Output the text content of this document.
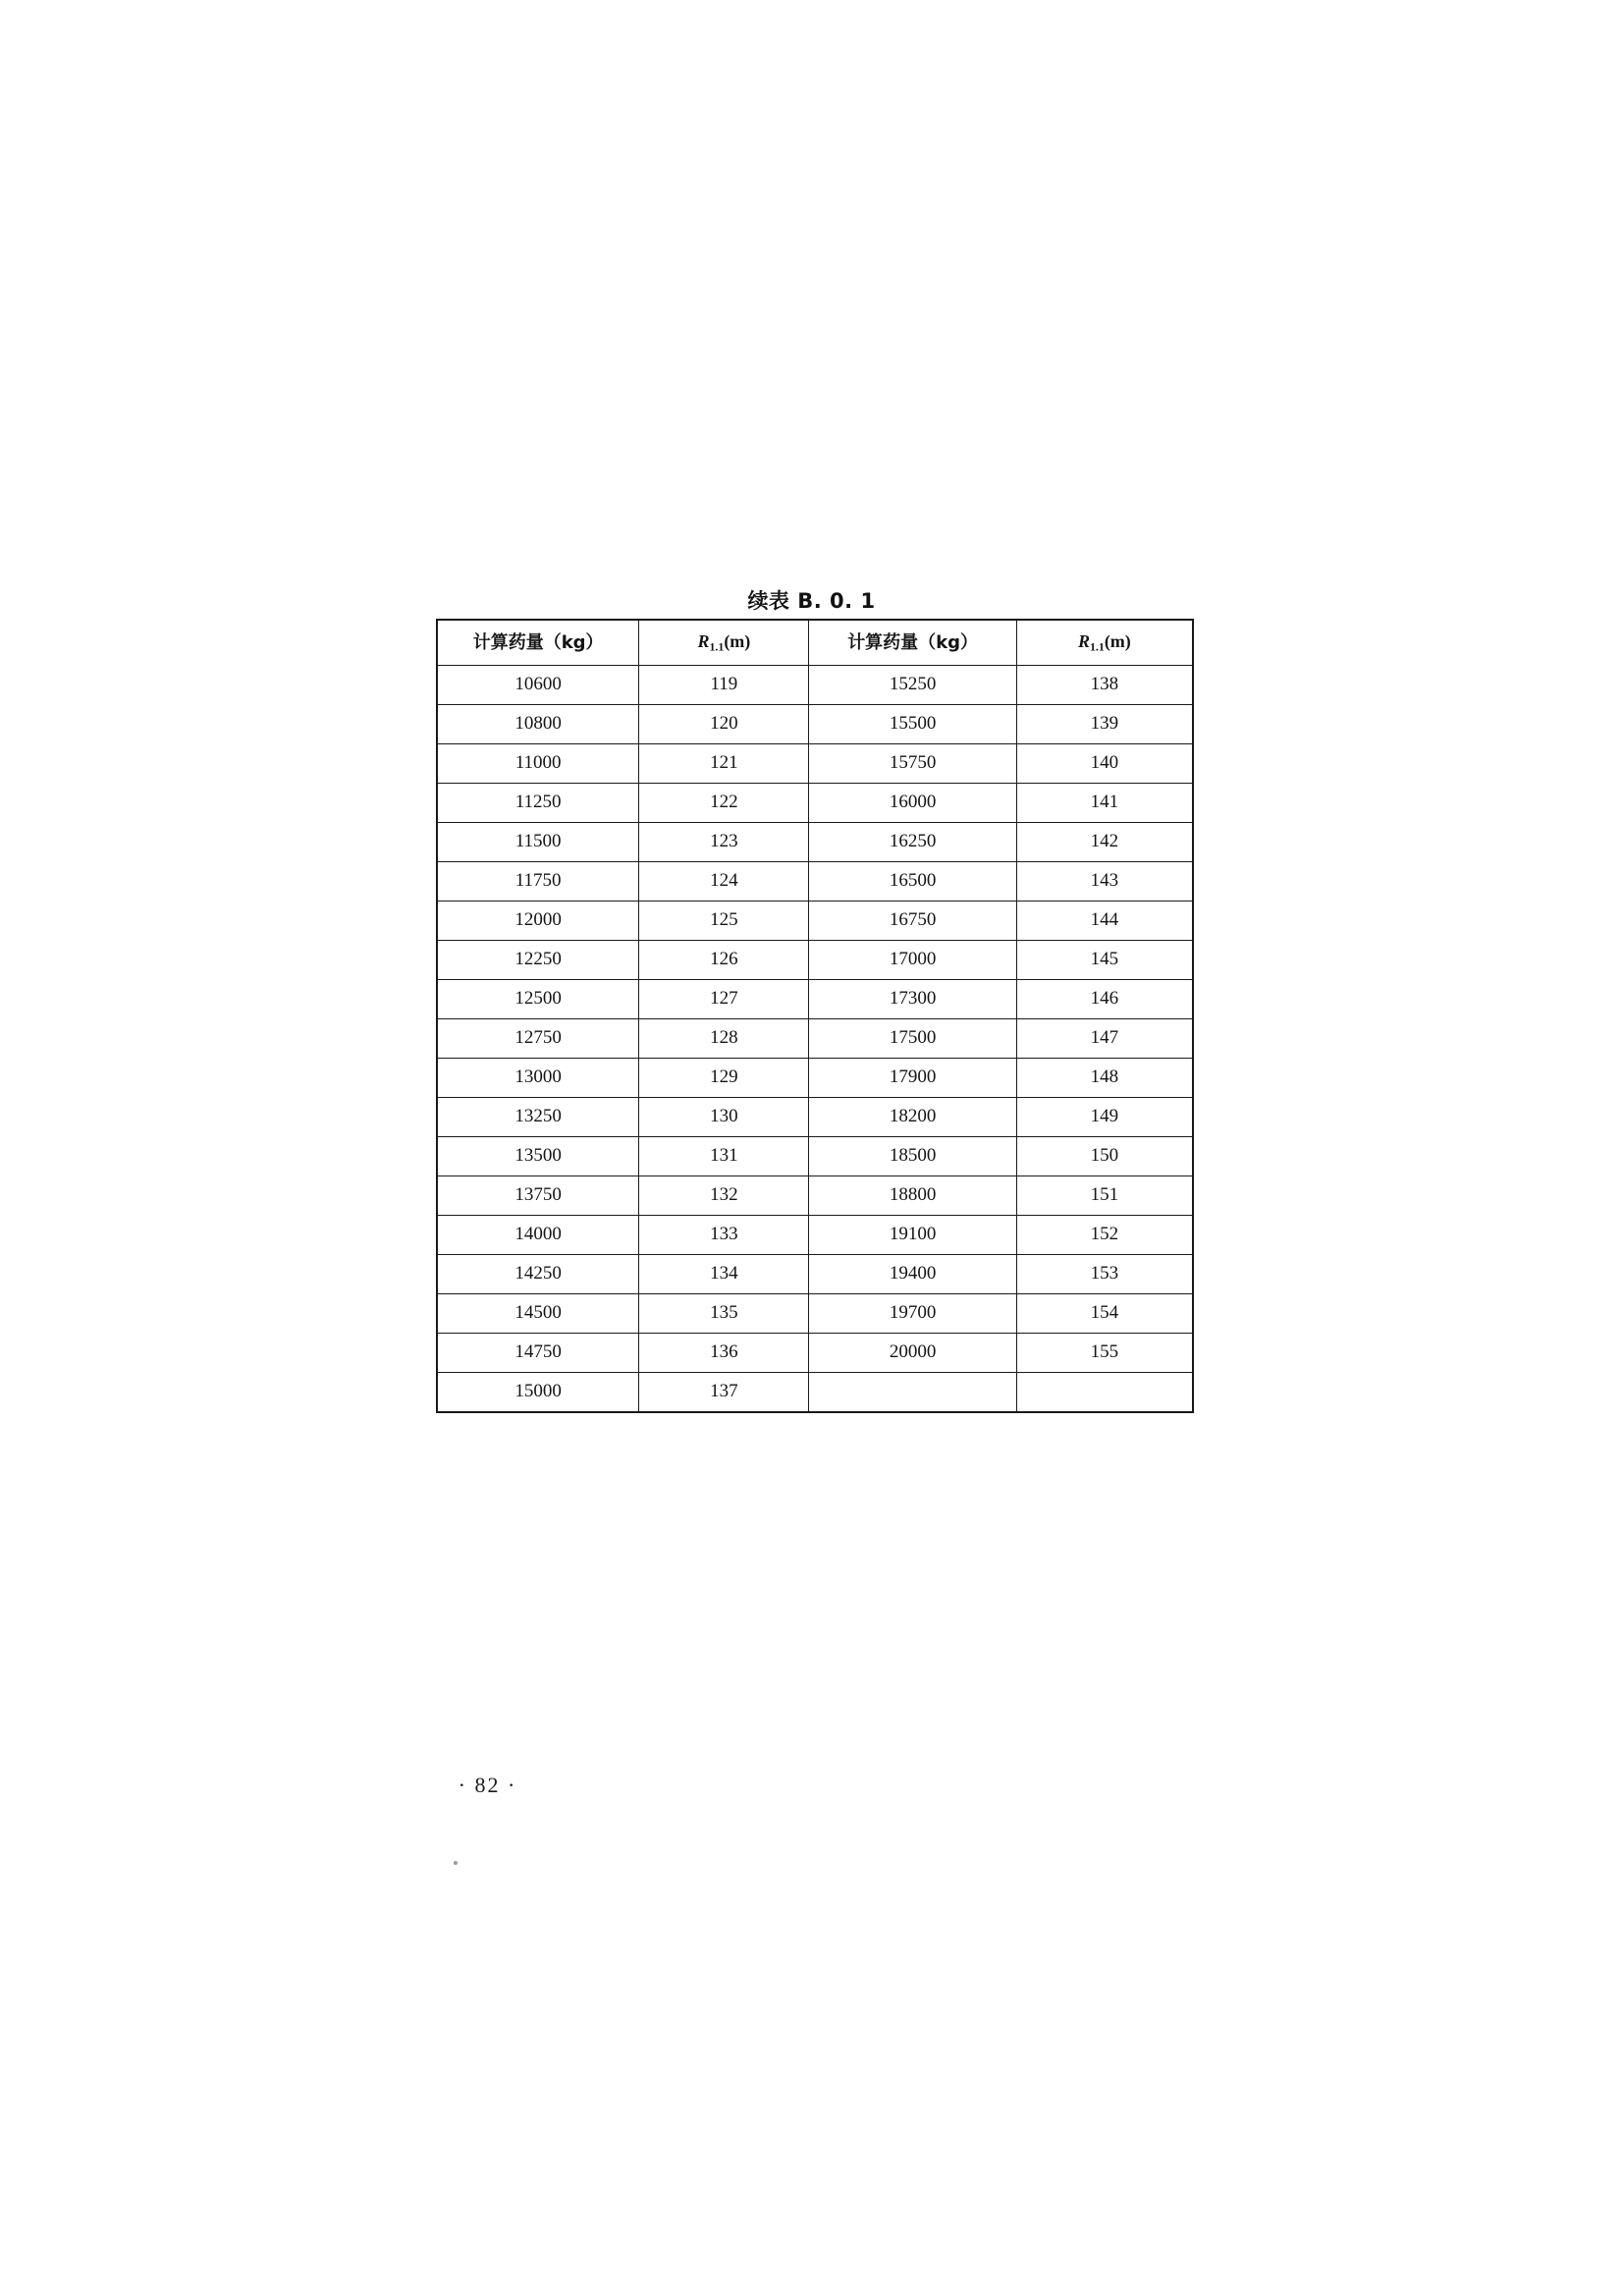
续表 B. 0. 1
计算药量（kg）	$R_{1.1}(m)$	计算药量（kg）	$R_{1.1}(m)$
10600	119	15250	138
10800	120	15500	139
11000	121	15750	140
11250	122	16000	141
11500	123	16250	142
11750	124	16500	143
12000	125	16750	144
12250	126	17000	145
12500	127	17300	146
12750	128	17500	147
13000	129	17900	148
13250	130	18200	149
13500	131	18500	150
13750	132	18800	151
14000	133	19100	152
14250	134	19400	153
14500	135	19700	154
14750	136	20000	155
15000	137		
· 82 ·
